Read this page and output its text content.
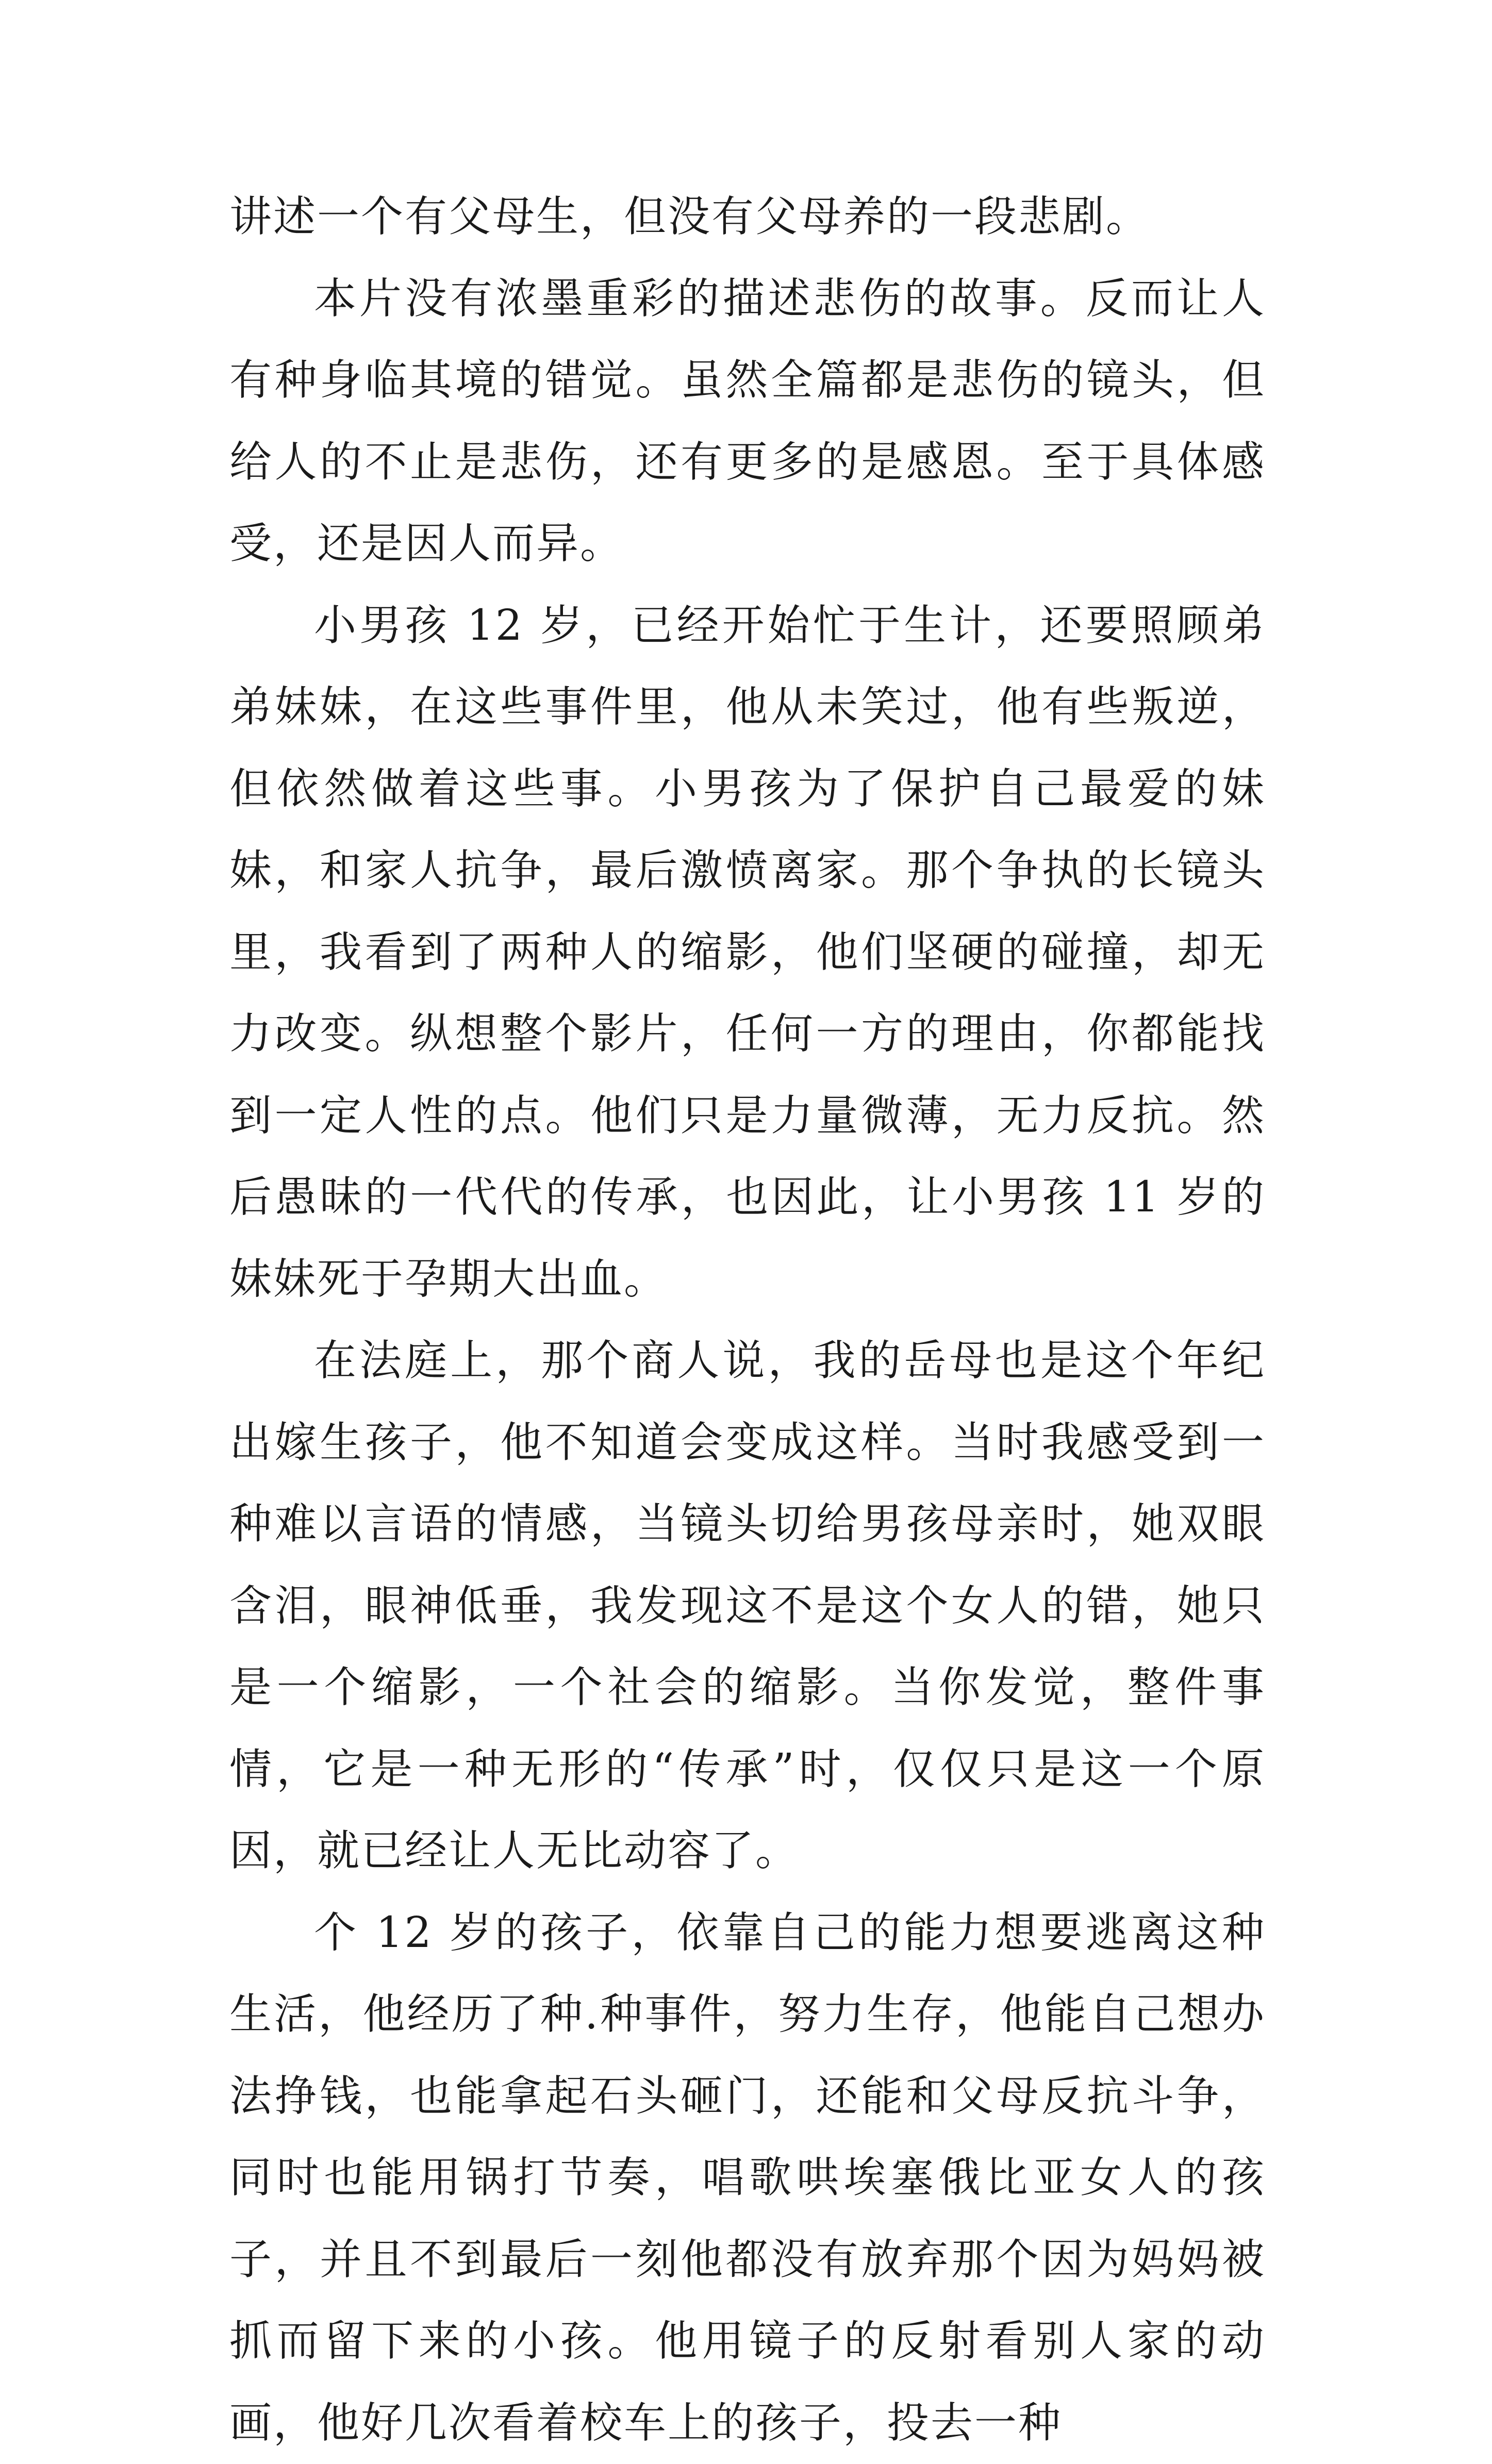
讲述一个有父母生，但没有父母养的一段悲剧。

本片没有浓墨重彩的描述悲伤的故事。反而让人有种身临其境的错觉。虽然全篇都是悲伤的镜头，但给人的不止是悲伤，还有更多的是感恩。至于具体感受，还是因人而异。

小男孩 12 岁，已经开始忙于生计，还要照顾弟弟妹妹，在这些事件里，他从未笑过，他有些叛逆，但依然做着这些事。小男孩为了保护自己最爱的妹妹，和家人抗争，最后激愤离家。那个争执的长镜头里，我看到了两种人的缩影，他们坚硬的碰撞，却无力改变。纵想整个影片，任何一方的理由，你都能找到一定人性的点。他们只是力量微薄，无力反抗。然后愚昧的一代代的传承，也因此，让小男孩 11 岁的妹妹死于孕期大出血。

在法庭上，那个商人说，我的岳母也是这个年纪出嫁生孩子，他不知道会变成这样。当时我感受到一种难以言语的情感，当镜头切给男孩母亲时，她双眼含泪，眼神低垂，我发现这不是这个女人的错，她只是一个缩影，一个社会的缩影。当你发觉，整件事情，它是一种无形的“传承”时，仅仅只是这一个原因，就已经让人无比动容了。

个 12 岁的孩子，依靠自己的能力想要逃离这种生活，他经历了种.种事件，努力生存，他能自己想办法挣钱，也能拿起石头砸门，还能和父母反抗斗争，同时也能用锅打节奏，唱歌哄埃塞俄比亚女人的孩子，并且不到最后一刻他都没有放弃那个因为妈妈被抓而留下来的小孩。他用镜子的反射看别人家的动画，他好几次看着校车上的孩子，投去一种
